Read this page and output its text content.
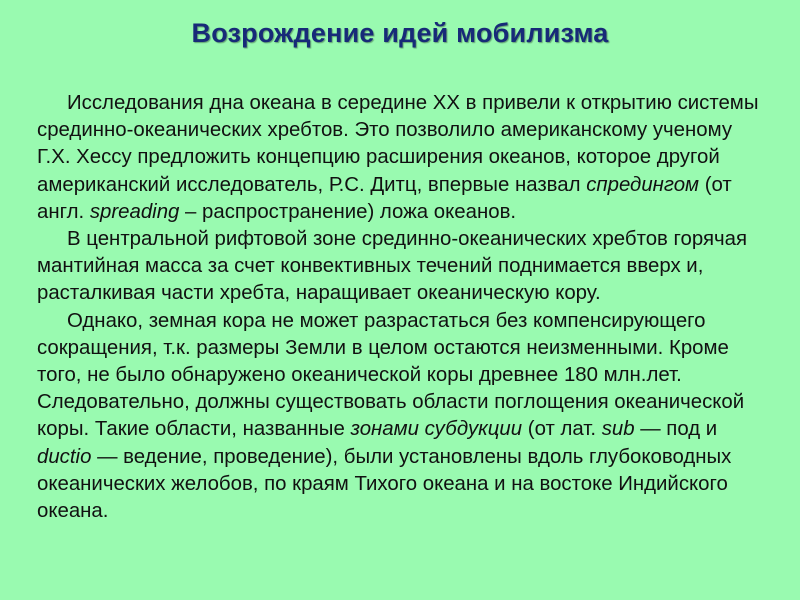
Возрождение идей мобилизма

Исследования дна океана в середине XX в привели к открытию системы срединно-океанических хребтов. Это позволило американскому ученому Г.Х. Хессу предложить концепцию расширения океанов, которое другой американский исследователь, Р.С. Дитц, впервые назвал спредингом (от англ. spreading – распространение) ложа океанов.

В центральной рифтовой зоне срединно-океанических хребтов горячая мантийная масса за счет конвективных течений поднимается вверх и, расталкивая части хребта, наращивает океаническую кору.

Однако, земная кора не может разрастаться без компенсирующего сокращения, т.к. размеры Земли в целом остаются неизменными. Кроме того, не было обнаружено океанической коры древнее 180 млн.лет. Следовательно, должны существовать области поглощения океанической коры. Такие области, названные зонами субдукции (от лат. sub — под и ductio — ведение, проведение), были установлены вдоль глубоководных океанических желобов, по краям Тихого океана и на востоке Индийского океана.
